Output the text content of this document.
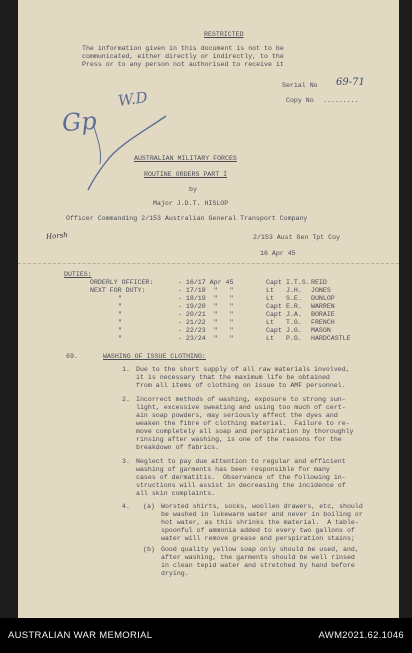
RESTRICTED
The information given in this document is not to be
communicated, either directly or indirectly, to the
Press or to any person not authorised to receive it
Serial No 69-71
Copy No .........
W.D
Gp
Horsh
AUSTRALIAN MILITARY FORCES
ROUTINE ORDERS PART I
by
Major J.D.T. HISLOP
Officer Commanding 2/153 Australian General Transport Company
2/153 Aust Gen Tpt Coy
16 Apr 45
DUTIES:
ORDERLY OFFICER:	- 16/17 Apr 45	Capt I.T.S. REID
NEXT FOR DUTY:	- 17/18  "   "	Lt J.H. JONES
"	- 18/19  "   "	Lt S.E. DUNLOP
"	- 19/20  "   "	Capt E.R. WARREN
"	- 20/21  "   "	Capt J.A. BORAIE
"	- 21/22  "   "	Lt T.G. FRENCH
"	- 22/23  "   "	Capt J.G. MASON
"	- 23/24  "   "	Lt P.G. HARDCASTLE
69.	WASHING OF ISSUE CLOTHING:
1. Due to the short supply of all raw materials involved,
it is necessary that the maximum life be obtained
from all items of clothing on issue to AMF personnel.
2. Incorrect methods of washing, exposure to strong sun-
light, excessive sweating and using too much of cert-
ain soap powders, may seriously affect the dyes and
weaken the fibre of clothing material.  Failure to re-
move completely all soap and perspiration by thoroughly
rinsing after washing, is one of the reasons for the
breakdown of fabrics.
3. Neglect to pay due attention to regular and efficient
washing of garments has been responsible for many
cases of dermatitis.  Observance of the following in-
structions will assist in decreasing the incidence of
all skin complaints.
4. (a) Worsted shirts, socks, woollen drawers, etc, should
be washed in lukewarm water and never in boiling or
hot water, as this shrinks the material.  A table-
spoonful of ammonia added to every two gallons of
water will remove grease and perspiration stains;
(b) Good quality yellow soap only should be used, and,
after washing, the garments should be well rinsed
in clean tepid water and stretched by hand before
drying.
AUSTRALIAN WAR MEMORIAL	AWM2021.62.1046
